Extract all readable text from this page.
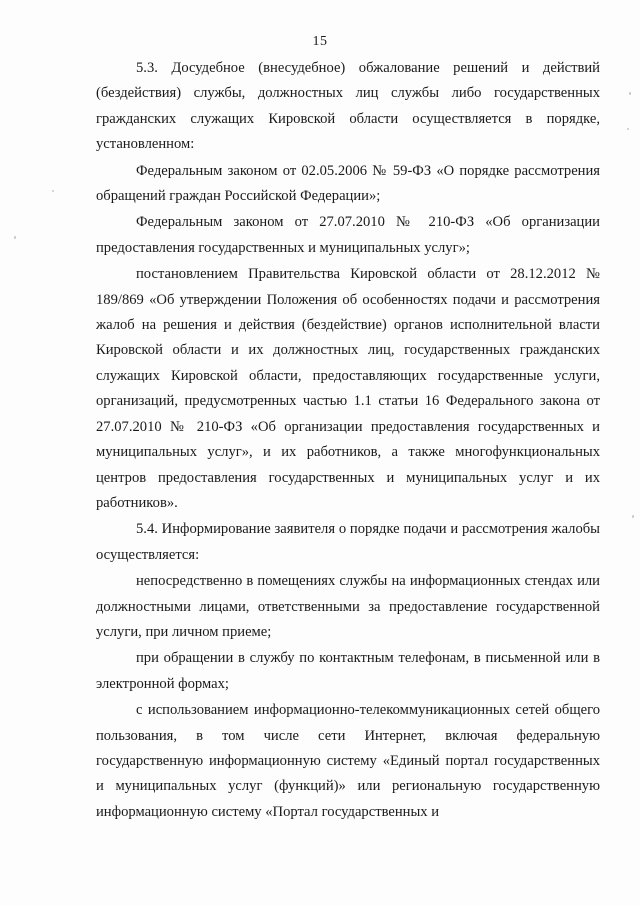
15

5.3. Досудебное (внесудебное) обжалование решений и действий (бездействия) службы, должностных лиц службы либо государственных гражданских служащих Кировской области осуществляется в порядке, установленном:

Федеральным законом от 02.05.2006 № 59-ФЗ «О порядке рассмотрения обращений граждан Российской Федерации»;

Федеральным законом от 27.07.2010 № 210-ФЗ «Об организации предоставления государственных и муниципальных услуг»;

постановлением Правительства Кировской области от 28.12.2012 № 189/869 «Об утверждении Положения об особенностях подачи и рассмотрения жалоб на решения и действия (бездействие) органов исполнительной власти Кировской области и их должностных лиц, государственных гражданских служащих Кировской области, предоставляющих государственные услуги, организаций, предусмотренных частью 1.1 статьи 16 Федерального закона от 27.07.2010 № 210-ФЗ «Об организации предоставления государственных и муниципальных услуг», и их работников, а также многофункциональных центров предоставления государственных и муниципальных услуг и их работников».

5.4. Информирование заявителя о порядке подачи и рассмотрения жалобы осуществляется:

непосредственно в помещениях службы на информационных стендах или должностными лицами, ответственными за предоставление государственной услуги, при личном приеме;

при обращении в службу по контактным телефонам, в письменной или в электронной формах;

с использованием информационно-телекоммуникационных сетей общего пользования, в том числе сети Интернет, включая федеральную государственную информационную систему «Единый портал государственных и муниципальных услуг (функций)» или региональную государственную информационную систему «Портал государственных и
